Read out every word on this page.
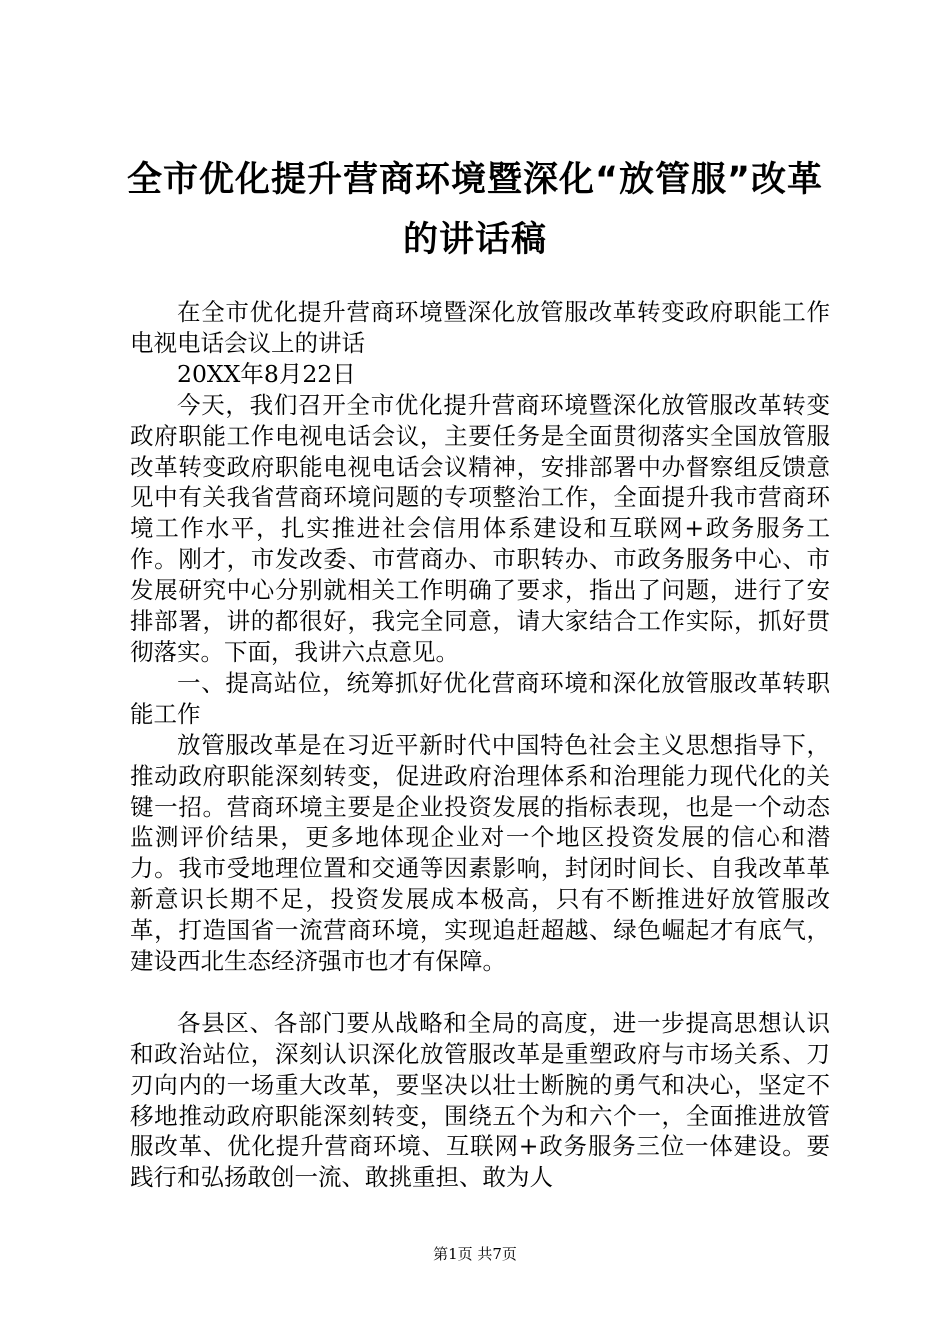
全市优化提升营商环境暨深化“放管服”改革
的讲话稿

在全市优化提升营商环境暨深化放管服改革转变政府职能工作电视电话会议上的讲话

20XX年8月22日

今天，我们召开全市优化提升营商环境暨深化放管服改革转变政府职能工作电视电话会议，主要任务是全面贯彻落实全国放管服改革转变政府职能电视电话会议精神，安排部署中办督察组反馈意见中有关我省营商环境问题的专项整治工作，全面提升我市营商环境工作水平，扎实推进社会信用体系建设和互联网+政务服务工作。刚才，市发改委、市营商办、市职转办、市政务服务中心、市发展研究中心分别就相关工作明确了要求，指出了问题，进行了安排部署，讲的都很好，我完全同意，请大家结合工作实际，抓好贯彻落实。下面，我讲六点意见。

一、提高站位，统筹抓好优化营商环境和深化放管服改革转职能工作

放管服改革是在习近平新时代中国特色社会主义思想指导下，推动政府职能深刻转变，促进政府治理体系和治理能力现代化的关键一招。营商环境主要是企业投资发展的指标表现，也是一个动态监测评价结果，更多地体现企业对一个地区投资发展的信心和潜力。我市受地理位置和交通等因素影响，封闭时间长、自我改革革新意识长期不足，投资发展成本极高，只有不断推进好放管服改革，打造国省一流营商环境，实现追赶超越、绿色崛起才有底气，建设西北生态经济强市也才有保障。

各县区、各部门要从战略和全局的高度，进一步提高思想认识和政治站位，深刻认识深化放管服改革是重塑政府与市场关系、刀刃向内的一场重大改革，要坚决以壮士断腕的勇气和决心，坚定不移地推动政府职能深刻转变，围绕五个为和六个一，全面推进放管服改革、优化提升营商环境、互联网+政务服务三位一体建设。要践行和弘扬敢创一流、敢挑重担、敢为人

第1页 共7页
